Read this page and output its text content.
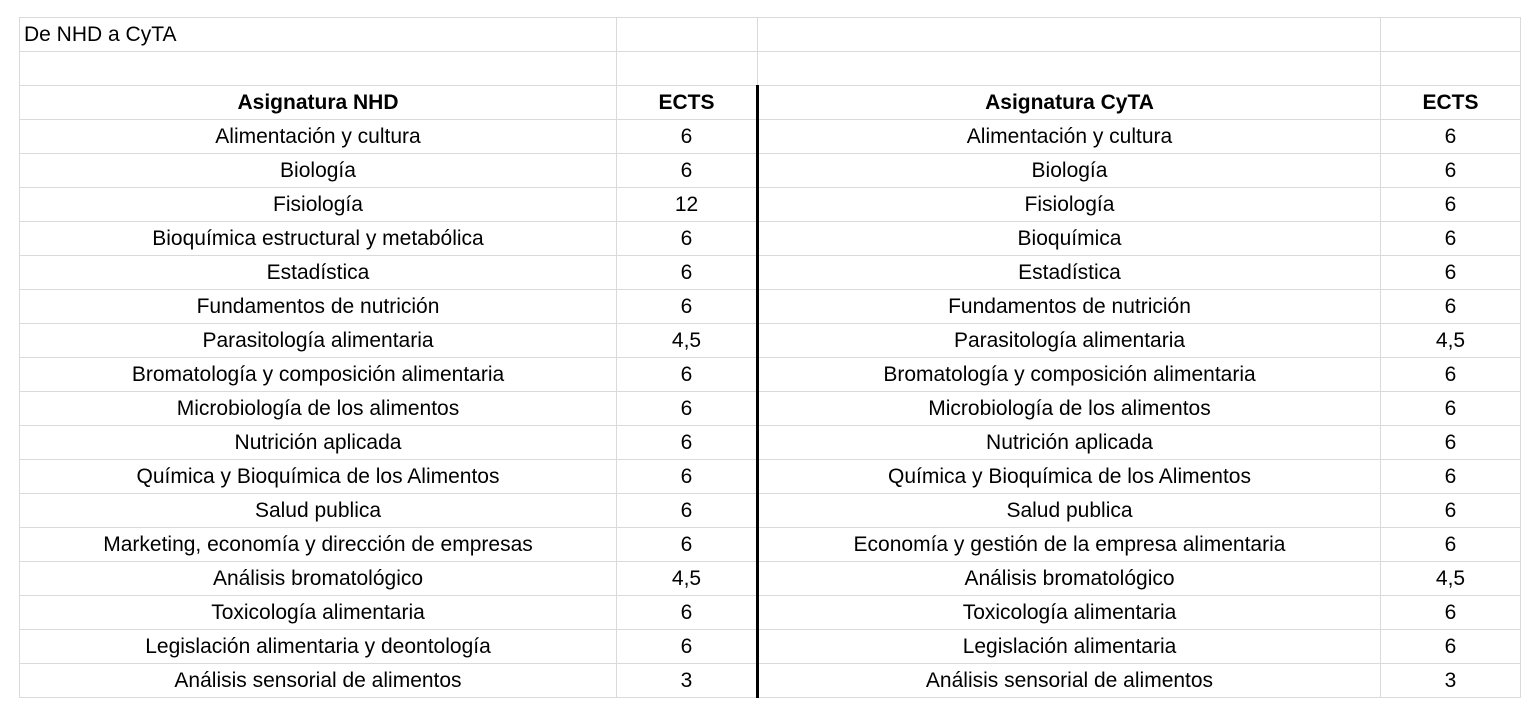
De NHD a CyTA			

Asignatura NHD	ECTS	Asignatura CyTA	ECTS
Alimentación y cultura	6	Alimentación y cultura	6
Biología	6	Biología	6
Fisiología	12	Fisiología	6
Bioquímica estructural y metabólica	6	Bioquímica	6
Estadística	6	Estadística	6
Fundamentos de nutrición	6	Fundamentos de nutrición	6
Parasitología alimentaria	4,5	Parasitología alimentaria	4,5
Bromatología y composición alimentaria	6	Bromatología y composición alimentaria	6
Microbiología de los alimentos	6	Microbiología de los alimentos	6
Nutrición aplicada	6	Nutrición aplicada	6
Química y Bioquímica de los Alimentos	6	Química y Bioquímica de los Alimentos	6
Salud publica	6	Salud publica	6
Marketing, economía y dirección de empresas	6	Economía y gestión de la empresa alimentaria	6
Análisis bromatológico	4,5	Análisis bromatológico	4,5
Toxicología alimentaria	6	Toxicología alimentaria	6
Legislación alimentaria y deontología	6	Legislación alimentaria	6
Análisis sensorial de alimentos	3	Análisis sensorial de alimentos	3
